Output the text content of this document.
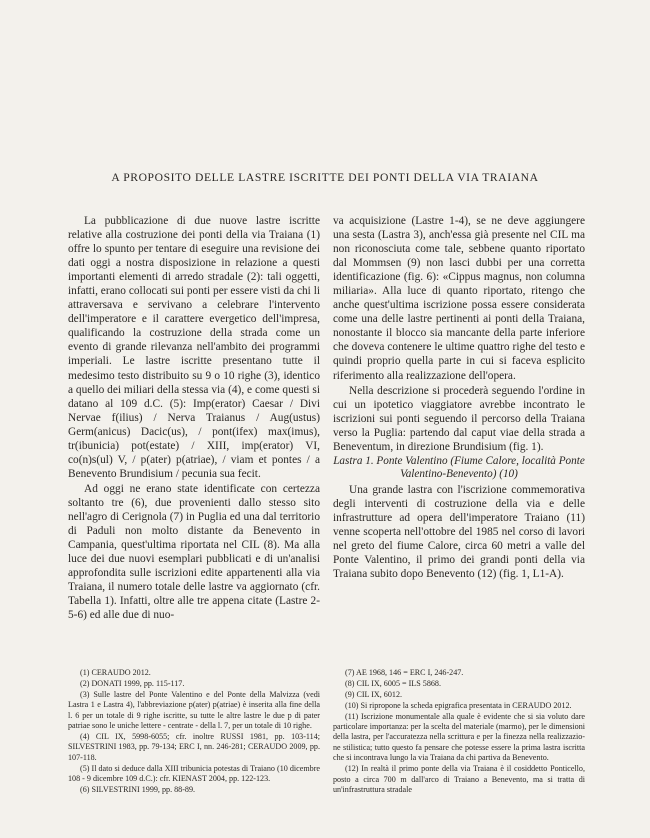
A PROPOSITO DELLE LASTRE ISCRITTE DEI PONTI DELLA VIA TRAIANA

La pubblicazione di due nuove lastre iscritte relative alla costruzione dei ponti della via Traiana (1) offre lo spunto per tentare di eseguire una revisione dei dati oggi a nostra disposizione in relazione a questi importanti elementi di arredo stradale (2): tali oggetti, infatti, erano collocati sui ponti per essere visti da chi li attraversava e servivano a celebrare l'intervento dell'imperatore e il carattere evergetico dell'impresa, qualificando la costruzione della strada come un evento di grande rilevanza nell'ambito dei programmi imperiali. Le lastre iscritte presentano tutte il medesimo testo distribuito su 9 o 10 righe (3), identico a quello dei miliari della stessa via (4), e come questi si datano al 109 d.C. (5): Imp(erator) Caesar / Divi Nervae f(ilius) / Nerva Traianus / Aug(ustus) Germ(anicus) Dacic(us), / pont(ifex) max(imus), tr(ibunicia) pot(estate) / XIII, imp(erator) VI, co(n)s(ul) V, / p(ater) p(atriae), / viam et pontes / a Benevento Brundisium / pecunia sua fecit.

Ad oggi ne erano state identificate con certezza soltanto tre (6), due provenienti dallo stesso sito nell'agro di Cerignola (7) in Puglia ed una dal territorio di Paduli non molto distante da Benevento in Campania, quest'ultima riportata nel CIL (8). Ma alla luce dei due nuovi esemplari pubblicati e di un'analisi approfondita sulle iscrizioni edite appartenenti alla via Traiana, il numero totale delle lastre va aggiornato (cfr. Tabella 1). Infatti, oltre alle tre appena citate (Lastre 2-5-6) ed alle due di nuo-

va acquisizione (Lastre 1-4), se ne deve aggiungere una sesta (Lastra 3), anch'essa già presente nel CIL ma non riconosciuta come tale, sebbene quanto riportato dal Mommsen (9) non lasci dubbi per una corretta identificazione (fig. 6): «Cippus magnus, non columna miliaria». Alla luce di quanto riportato, ritengo che anche quest'ultima iscrizione possa essere considerata come una delle lastre pertinenti ai ponti della Traiana, nonostante il blocco sia mancante della parte inferiore che doveva contenere le ultime quattro righe del testo e quindi proprio quella parte in cui si faceva esplicito riferimento alla realizzazione dell'opera.

Nella descrizione si procederà seguendo l'ordine in cui un ipotetico viaggiatore avrebbe incontrato le iscrizioni sui ponti seguendo il percorso della Traiana verso la Puglia: partendo dal caput viae della strada a Beneventum, in direzione Brundisium (fig. 1).

Lastra 1. Ponte Valentino (Fiume Calore, località Ponte Valentino-Benevento) (10)

Una grande lastra con l'iscrizione commemorativa degli interventi di costruzione della via e delle infrastrutture ad opera dell'imperatore Traiano (11) venne scoperta nell'ottobre del 1985 nel corso di lavori nel greto del fiume Calore, circa 60 metri a valle del Ponte Valentino, il primo dei grandi ponti della via Traiana subito dopo Benevento (12) (fig. 1, L1-A).

(1) CERAUDO 2012.

(2) DONATI 1999, pp. 115-117.

(3) Sulle lastre del Ponte Valentino e del Ponte della Malvizza (vedi Lastra 1 e Lastra 4), l'abbreviazione p(ater) p(atriae) è inserita alla fine della l. 6 per un totale di 9 righe iscritte, su tutte le altre lastre le due p di pater patriae sono le uniche lettere - centrate - della l. 7, per un totale di 10 righe.

(4) CIL IX, 5998-6055; cfr. inoltre RUSSI 1981, pp. 103-114; SILVESTRINI 1983, pp. 79-134; ERC I, nn. 246-281; CERAUDO 2009, pp. 107-118.

(5) Il dato si deduce dalla XIII tribunicia potestas di Traiano (10 dicembre 108 - 9 dicembre 109 d.C.): cfr. KIENAST 2004, pp. 122-123.

(6) SILVESTRINI 1999, pp. 88-89.

(7) AE 1968, 146 = ERC I, 246-247.

(8) CIL IX, 6005 = ILS 5868.

(9) CIL IX, 6012.

(10) Si ripropone la scheda epigrafica presentata in CERAUDO 2012.

(11) Iscrizione monumentale alla quale è evidente che si sia voluto dare particolare importanza: per la scelta del materiale (marmo), per le dimensioni della lastra, per l'accuratezza nella scrittura e per la finezza nella realizzazione stilistica; tutto questo fa pensare che potesse essere la prima lastra iscritta che si incontrava lungo la via Traiana da chi partiva da Benevento.

(12) In realtà il primo ponte della via Traiana è il cosiddetto Ponticello, posto a circa 700 m dall'arco di Traiano a Benevento, ma si tratta di un'infrastruttura stradale
